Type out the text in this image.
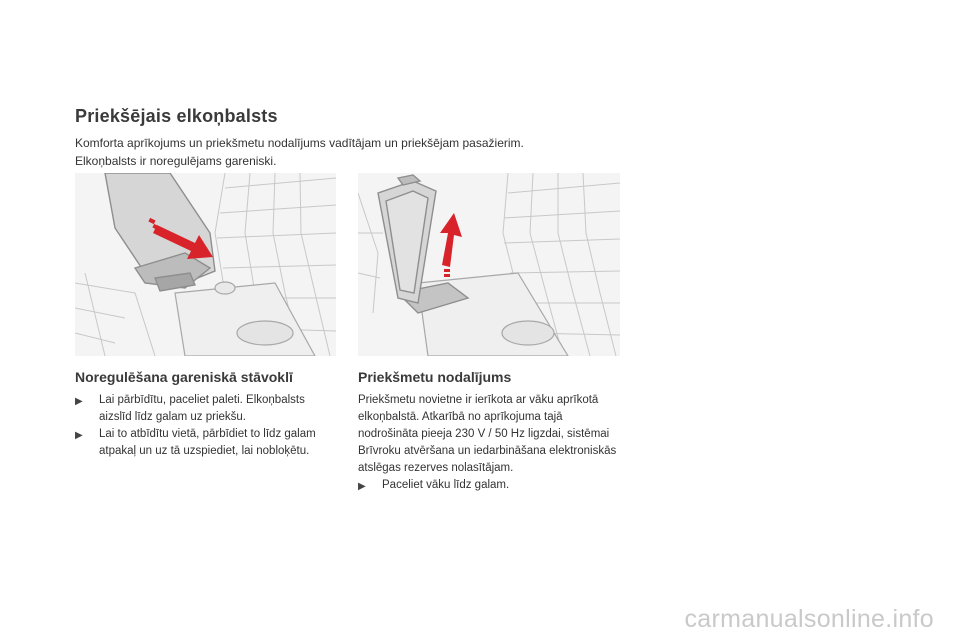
Priekšējais elkoņbalsts

Komforta aprīkojums un priekšmetu nodalījums vadītājam un priekšējam pasažierim.

Elkoņbalsts ir noregulējams gareniski.

Noregulēšana gareniskā stāvoklī
▶	Lai pārbīdītu, paceliet paleti. Elkoņbalsts aizslīd līdz galam uz priekšu.
▶	Lai to atbīdītu vietā, pārbīdiet to līdz galam atpakaļ un uz tā uzspiediet, lai nobloķētu.
Priekšmetu nodalījums

Priekšmetu novietne ir ierīkota ar vāku aprīkotā elkoņbalstā. Atkarībā no aprīkojuma tajā nodrošināta pieeja 230 V / 50 Hz ligzdai, sistēmai Brīvroku atvēršana un iedarbināšana elektroniskās atslēgas rezerves nolasītājam.

▶	Paceliet vāku līdz galam.
carmanualsonline.info
